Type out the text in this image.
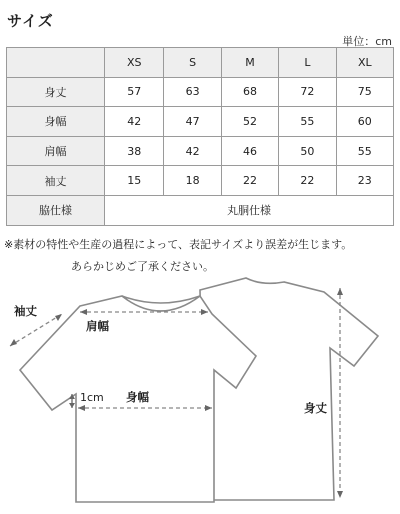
サイズ
単位：cm
	XS	S	M	L	XL
身丈	57	63	68	72	75
身幅	42	47	52	55	60
肩幅	38	42	46	50	55
袖丈	15	18	22	22	23
脇仕様	丸胴仕様				
※素材の特性や生産の過程によって、表記サイズより誤差が生じます。
あらかじめご了承ください。
袖丈
肩幅
1cm 身幅
身丈
